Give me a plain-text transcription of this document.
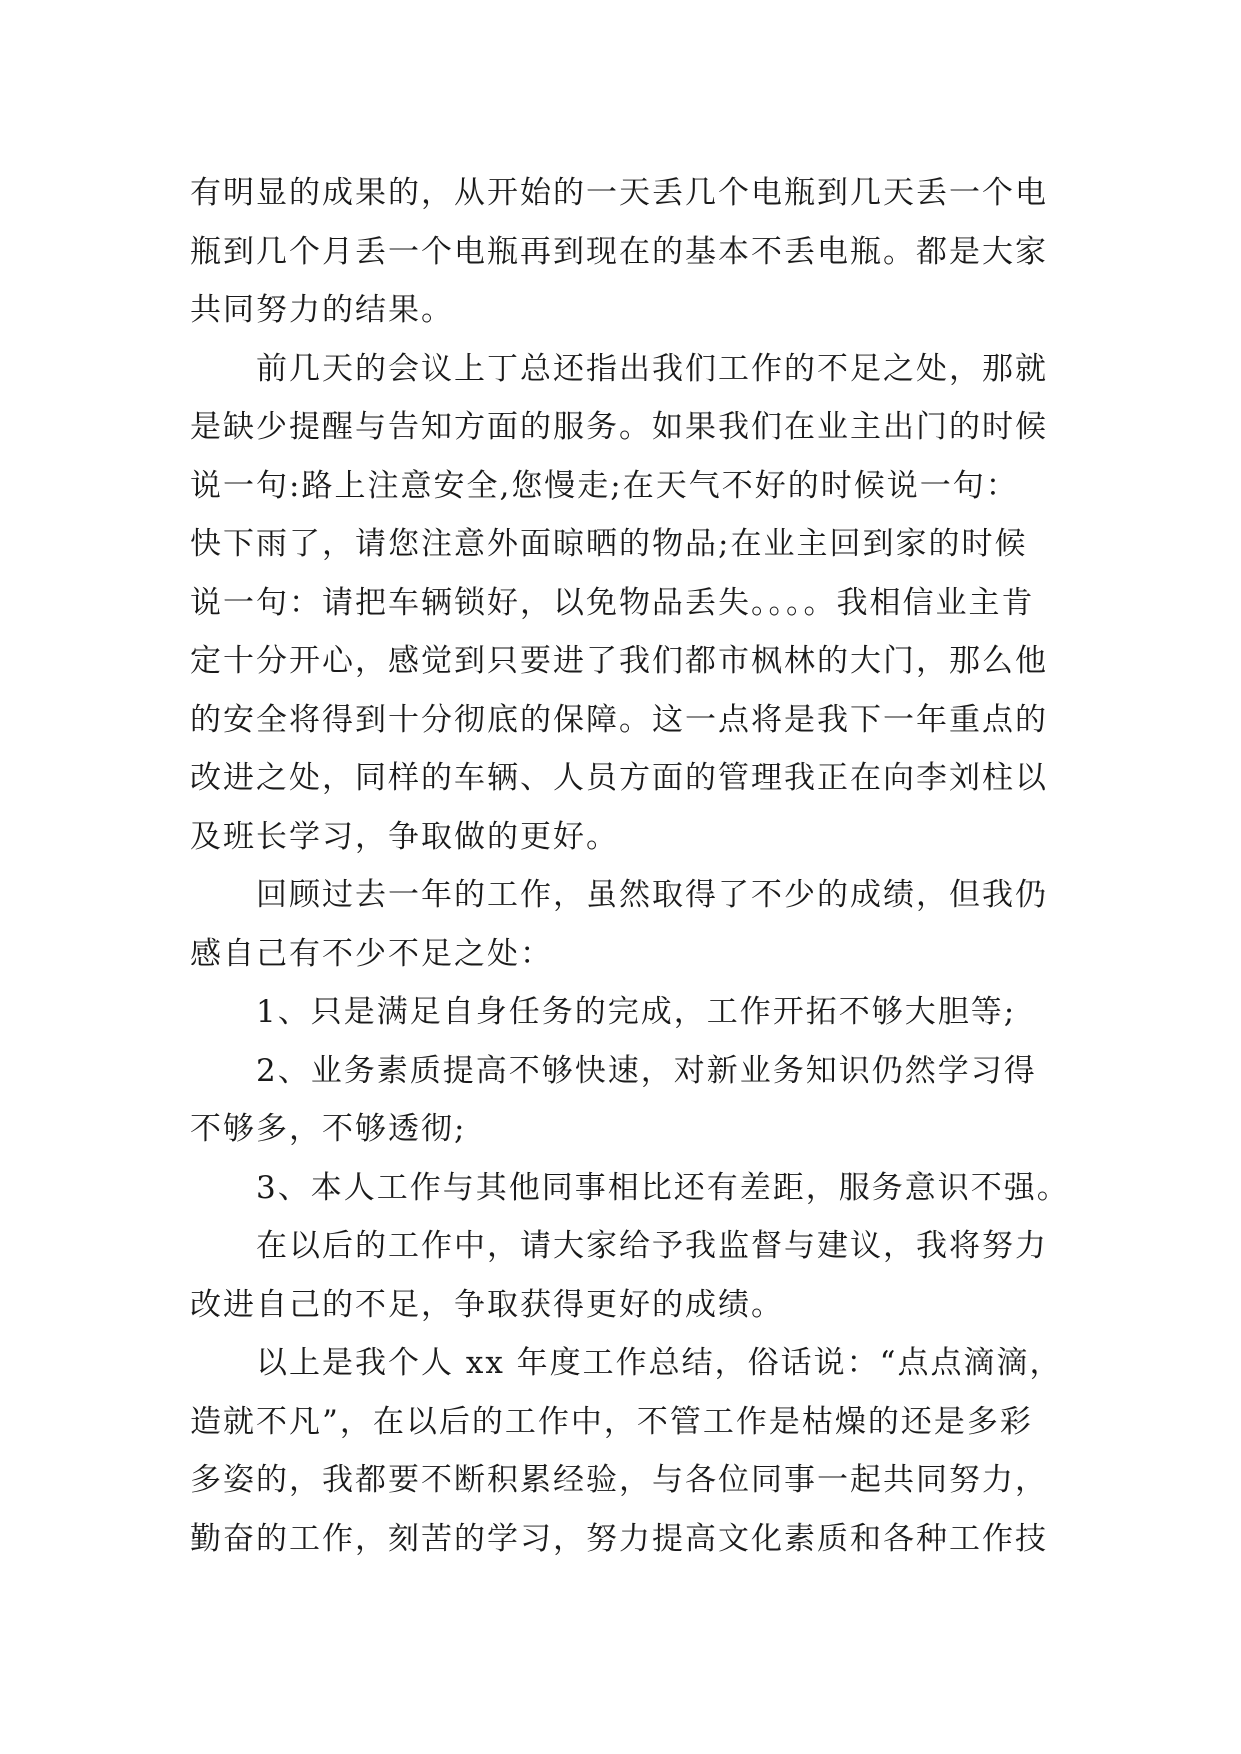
有明显的成果的，从开始的一天丢几个电瓶到几天丢一个电
瓶到几个月丢一个电瓶再到现在的基本不丢电瓶。都是大家
共同努力的结果。
前几天的会议上丁总还指出我们工作的不足之处，那就
是缺少提醒与告知方面的服务。如果我们在业主出门的时候
说一句:路上注意安全,您慢走;在天气不好的时候说一句：
快下雨了，请您注意外面晾晒的物品;在业主回到家的时候
说一句：请把车辆锁好，以免物品丢失。。。。我相信业主肯
定十分开心，感觉到只要进了我们都市枫林的大门，那么他
的安全将得到十分彻底的保障。这一点将是我下一年重点的
改进之处，同样的车辆、人员方面的管理我正在向李刘柱以
及班长学习，争取做的更好。
回顾过去一年的工作，虽然取得了不少的成绩，但我仍
感自己有不少不足之处：
1、只是满足自身任务的完成，工作开拓不够大胆等;
2、业务素质提高不够快速，对新业务知识仍然学习得
不够多，不够透彻;
3、本人工作与其他同事相比还有差距，服务意识不强。
在以后的工作中，请大家给予我监督与建议，我将努力
改进自己的不足，争取获得更好的成绩。
以上是我个人 xx 年度工作总结，俗话说：“点点滴滴，
造就不凡”，在以后的工作中，不管工作是枯燥的还是多彩
多姿的，我都要不断积累经验，与各位同事一起共同努力，
勤奋的工作，刻苦的学习，努力提高文化素质和各种工作技
